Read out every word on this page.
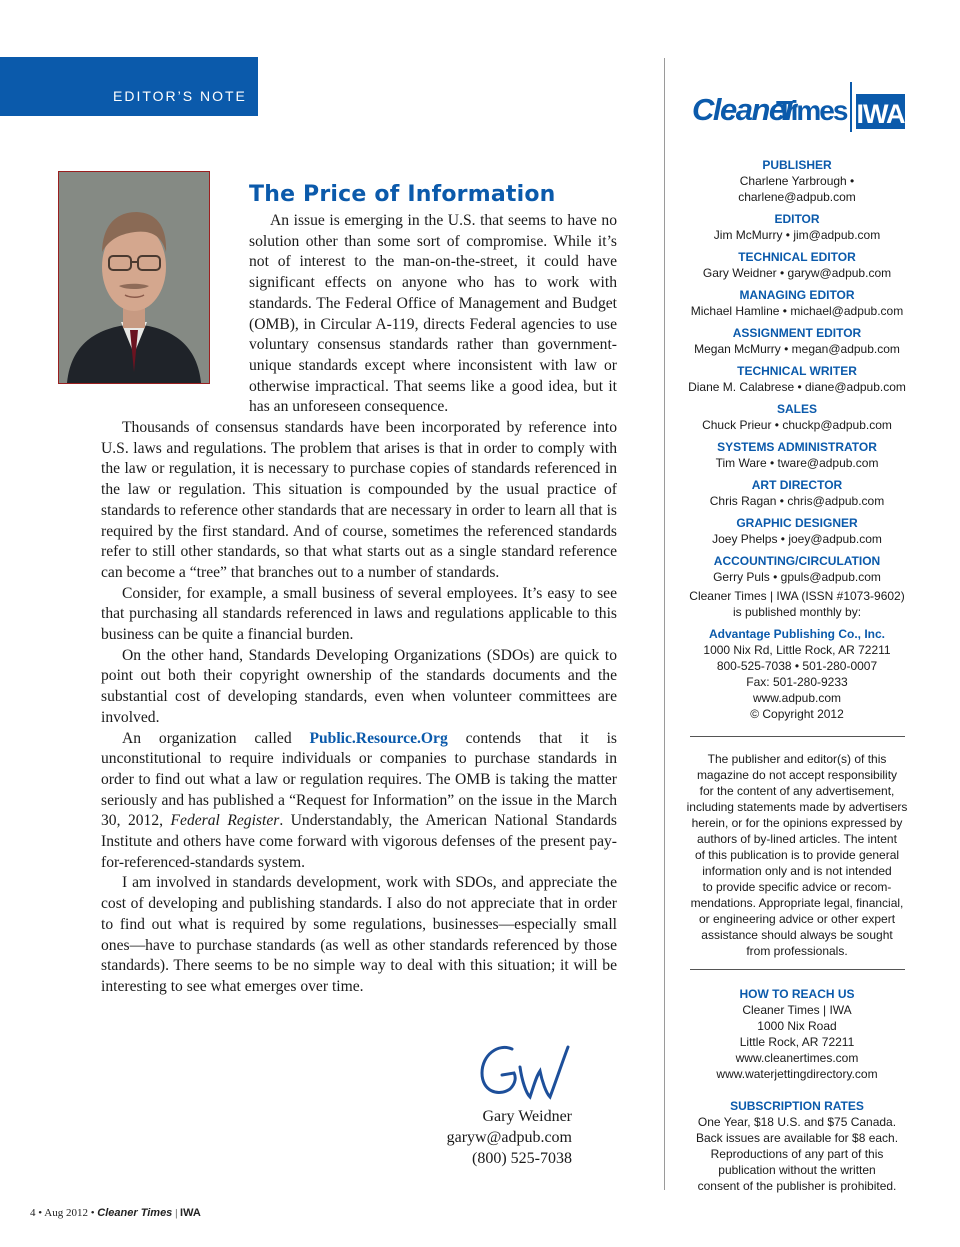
EDITOR’S NOTE
The Price of Information

An issue is emerging in the U.S. that seems to have no solution other than some sort of compromise. While it’s not of interest to the man-on-the-street, it could have significant effects on anyone who has to work with standards. The Federal Office of Management and Budget (OMB), in Circular A-119, directs Federal agencies to use voluntary consensus standards rather than government-unique standards except where inconsistent with law or otherwise impractical. That seems like a good idea, but it has an unforeseen consequence.

Thousands of consensus standards have been incorporated by reference into U.S. laws and regulations. The problem that arises is that in order to comply with the law or regulation, it is necessary to purchase copies of standards referenced in the law or regulation. This situation is compounded by the usual practice of standards to reference other standards that are necessary in order to learn all that is required by the first standard. And of course, sometimes the referenced standards refer to still other standards, so that what starts out as a single standard reference can become a “tree” that branches out to a number of standards.

Consider, for example, a small business of several employees. It’s easy to see that purchasing all standards referenced in laws and regulations applicable to this business can be quite a financial burden.

On the other hand, Standards Developing Organizations (SDOs) are quick to point out both their copyright ownership of the standards documents and the substantial cost of developing standards, even when volunteer committees are involved.

An organization called Public.Resource.Org contends that it is unconstitutional to require individuals or companies to purchase standards in order to find out what a law or regulation requires. The OMB is taking the matter seriously and has published a “Request for Information” on the issue in the March 30, 2012, Federal Register. Understandably, the American National Standards Institute and others have come forward with vigorous defenses of the present pay-for-referenced-standards system.

I am involved in standards development, work with SDOs, and appreciate the cost of developing and publishing standards. I also do not appreciate that in order to find out what is required by some regulations, businesses—especially small ones—have to purchase standards (as well as other standards referenced by those standards). There seems to be no simple way to deal with this situation; it will be interesting to see what emerges over time.

Gary Weidner
garyw@adpub.com
(800) 525-7038
4 • Aug 2012 • Cleaner Times | IWA
Cleaner
Times IWA
PUBLISHER
Charlene Yarbrough • charlene@adpub.com
EDITOR
Jim McMurry • jim@adpub.com
TECHNICAL EDITOR
Gary Weidner • garyw@adpub.com
MANAGING EDITOR
Michael Hamline • michael@adpub.com
ASSIGNMENT EDITOR
Megan McMurry • megan@adpub.com
TECHNICAL WRITER
Diane M. Calabrese • diane@adpub.com
SALES
Chuck Prieur • chuckp@adpub.com
SYSTEMS ADMINISTRATOR
Tim Ware • tware@adpub.com
ART DIRECTOR
Chris Ragan • chris@adpub.com
GRAPHIC DESIGNER
Joey Phelps • joey@adpub.com
ACCOUNTING/CIRCULATION
Gerry Puls • gpuls@adpub.com

Cleaner Times | IWA (ISSN #1073-9602)

is published monthly by:

Advantage Publishing Co., Inc.

1000 Nix Rd, Little Rock, AR 72211

800-525-7038 • 501-280-0007

Fax: 501-280-9233

www.adpub.com

© Copyright 2012

The publisher and editor(s) of this

magazine do not accept responsibility

for the content of any advertisement,

including statements made by advertisers

herein, or for the opinions expressed by

authors of by-lined articles. The intent

of this publication is to provide general

information only and is not intended

to provide specific advice or recom-

mendations. Appropriate legal, financial,

or engineering advice or other expert

assistance should always be sought

from professionals.

HOW TO REACH US

Cleaner Times | IWA

1000 Nix Road

Little Rock, AR 72211

www.cleanertimes.com

www.waterjettingdirectory.com

SUBSCRIPTION RATES

One Year, $18 U.S. and $75 Canada.

Back issues are available for $8 each.

Reproductions of any part of this

publication without the written

consent of the publisher is prohibited.
